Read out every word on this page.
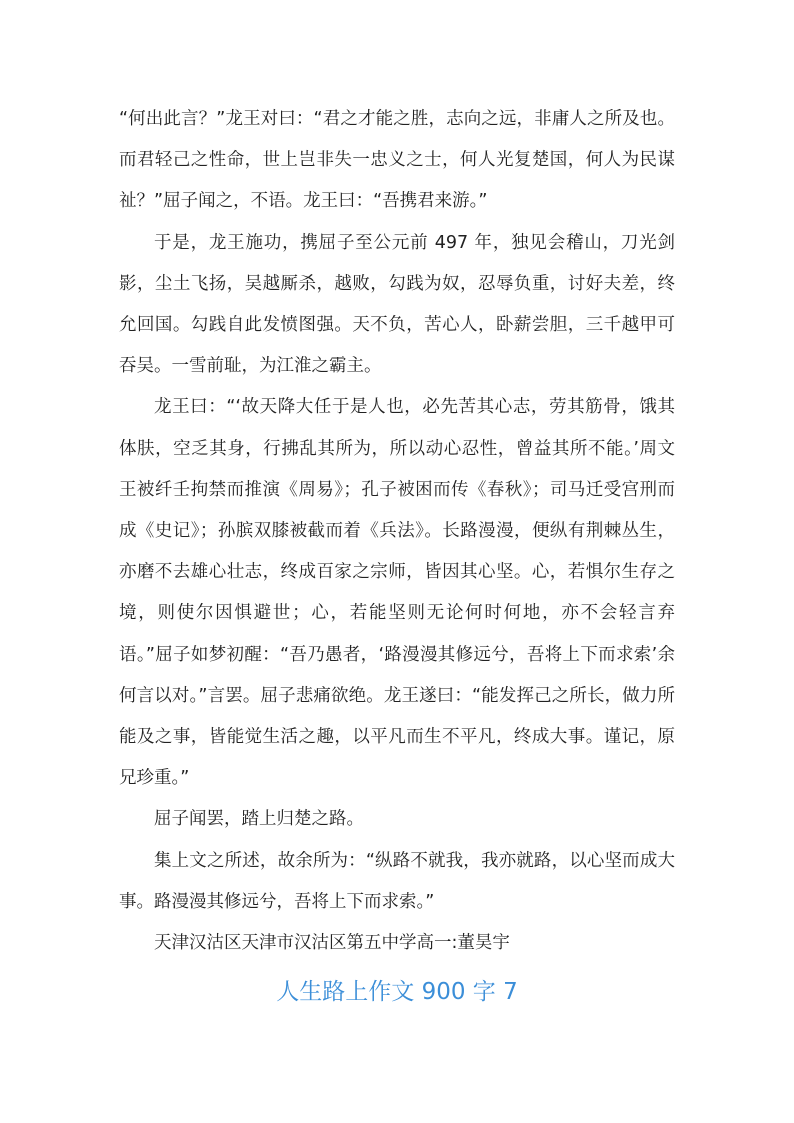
“何出此言？”龙王对曰：“君之才能之胜，志向之远，非庸人之所及也。而君轻己之性命，世上岂非失一忠义之士，何人光复楚国，何人为民谋祉？”屈子闻之，不语。龙王曰：“吾携君来游。”

于是，龙王施功，携屈子至公元前 497 年，独见会稽山，刀光剑影，尘土飞扬，吴越厮杀，越败，勾践为奴，忍辱负重，讨好夫差，终允回国。勾践自此发愤图强。天不负，苦心人，卧薪尝胆，三千越甲可吞吴。一雪前耻，为江淮之霸主。

龙王曰：“‘故天降大任于是人也，必先苦其心志，劳其筋骨，饿其体肤，空乏其身，行拂乱其所为，所以动心忍性，曾益其所不能。’周文王被纤壬拘禁而推演《周易》；孔子被困而传《春秋》；司马迁受宫刑而成《史记》；孙膑双膝被截而着《兵法》。长路漫漫，便纵有荆棘丛生，亦磨不去雄心壮志，终成百家之宗师，皆因其心坚。心，若惧尔生存之境，则使尔因惧避世；心，若能坚则无论何时何地，亦不会轻言弃语。”屈子如梦初醒：“吾乃愚者，‘路漫漫其修远兮，吾将上下而求索’余何言以对。”言罢。屈子悲痛欲绝。龙王遂曰：“能发挥己之所长，做力所能及之事，皆能觉生活之趣，以平凡而生不平凡，终成大事。谨记，原兄珍重。”

屈子闻罢，踏上归楚之路。

集上文之所述，故余所为：“纵路不就我，我亦就路，以心坚而成大事。路漫漫其修远兮，吾将上下而求索。”

天津汉沽区天津市汉沽区第五中学高一:董昊宇

人生路上作文 900 字 7
